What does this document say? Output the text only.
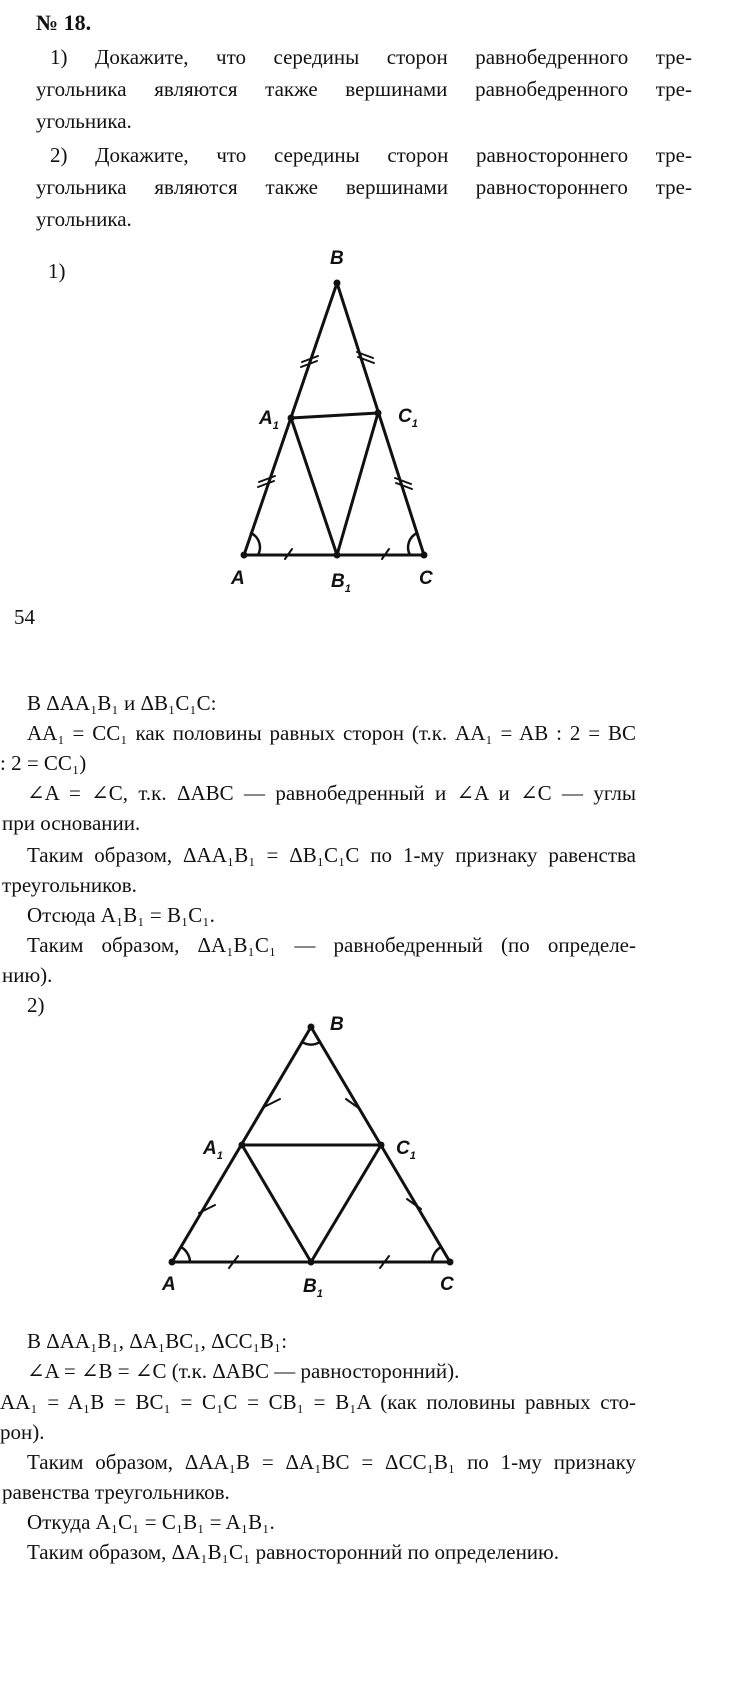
№ 18.
1) Докажите, что середины сторон равнобедренного тре-
угольника являются также вершинами равнобедренного тре-
угольника.
2) Докажите, что середины сторон равностороннего тре-
угольника являются также вершинами равностороннего тре-
угольника.
1)
B
$A_1$	$C_1$
A	$B_1$	C
54
В ΔAA₁B₁ и ΔB₁C₁C:
AA₁ = CC₁ как половины равных сторон (т.к. AA₁ = AB : 2 = BC
: 2 = CC₁)
∠A = ∠C, т.к. ΔABC — равнобедренный и ∠A и ∠C — углы
при основании.
Таким образом, ΔAA₁B₁ = ΔB₁C₁C по 1-му признаку равенства
треугольников.
Отсюда A₁B₁ = B₁C₁.
Таким образом, ΔA₁B₁C₁ — равнобедренный (по определе-
нию).
2)
B
$A_1$	$C_1$
A	$B_1$	C
В ΔAA₁B₁, ΔA₁BC₁, ΔCC₁B₁:
∠A = ∠B = ∠C (т.к. ΔABC — равносторонний).
AA₁ = A₁B = BC₁ = C₁C = CB₁ = B₁A (как половины равных сто-
рон).
Таким образом, ΔAA₁B = ΔA₁BC = ΔCC₁B₁ по 1-му признаку
равенства треугольников.
Откуда A₁C₁ = C₁B₁ = A₁B₁.
Таким образом, ΔA₁B₁C₁ равносторонний по определению.
